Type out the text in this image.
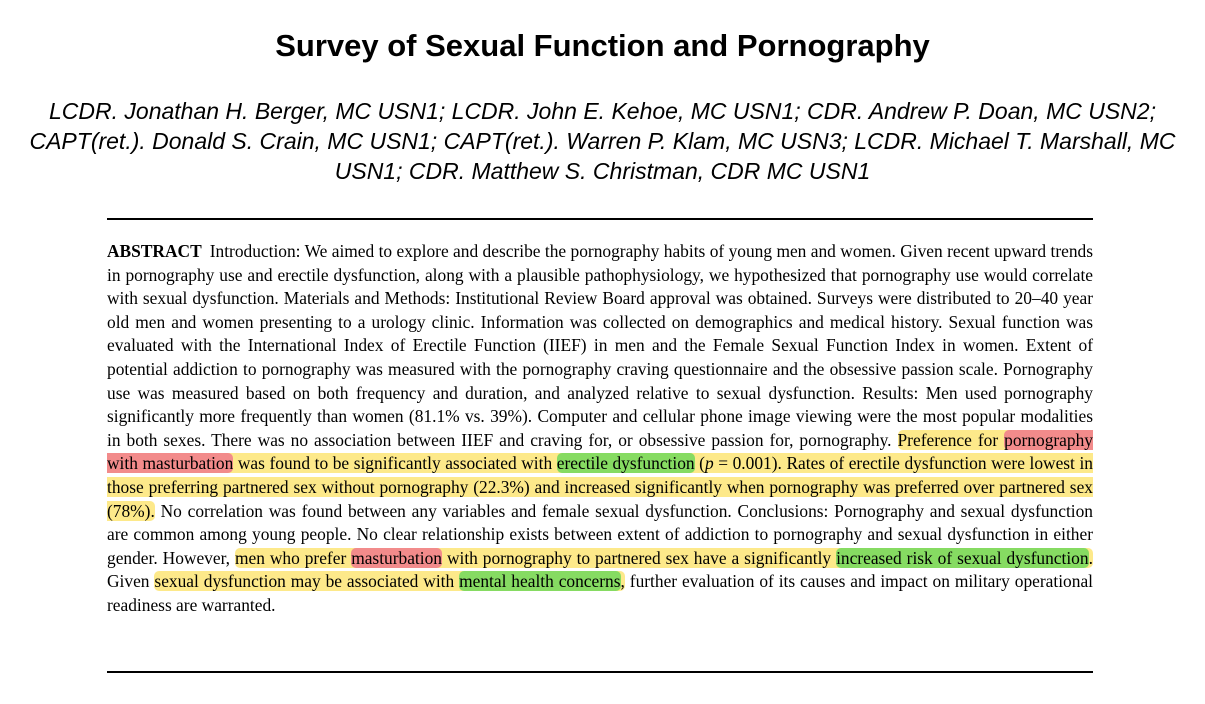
Survey of Sexual Function and Pornography
LCDR. Jonathan H. Berger, MC USN1; LCDR. John E. Kehoe, MC USN1; CDR. Andrew P. Doan, MC USN2; CAPT(ret.). Donald S. Crain, MC USN1; CAPT(ret.). Warren P. Klam, MC USN3; LCDR. Michael T. Marshall, MC USN1; CDR. Matthew S. Christman, CDR MC USN1

ABSTRACT Introduction: We aimed to explore and describe the pornography habits of young men and women. Given recent upward trends in pornography use and erectile dysfunction, along with a plausible pathophysiology, we hypothesized that pornography use would correlate with sexual dysfunction. Materials and Methods: Institutional Review Board approval was obtained. Surveys were distributed to 20–40 year old men and women presenting to a urology clinic. Information was collected on demographics and medical history. Sexual function was evaluated with the International Index of Erectile Function (IIEF) in men and the Female Sexual Function Index in women. Extent of potential addiction to pornography was measured with the pornography craving questionnaire and the obsessive passion scale. Pornography use was measured based on both frequency and duration, and analyzed relative to sexual dysfunction. Results: Men used pornography significantly more frequently than women (81.1% vs. 39%). Computer and cellular phone image viewing were the most popular modalities in both sexes. There was no association between IIEF and craving for, or obsessive passion for, pornography. Preference for pornography with masturbation was found to be significantly associated with erectile dysfunction (p = 0.001). Rates of erectile dysfunction were lowest in those preferring partnered sex without pornography (22.3%) and increased significantly when pornography was preferred over partnered sex (78%). No correlation was found between any variables and female sexual dysfunction. Conclusions: Pornography and sexual dysfunction are common among young people. No clear relationship exists between extent of addiction to pornography and sexual dysfunction in either gender. However, men who prefer masturbation with pornography to partnered sex have a significantly increased risk of sexual dysfunction. Given sexual dysfunction may be associated with mental health concerns, further evaluation of its causes and impact on military operational readiness are warranted.
